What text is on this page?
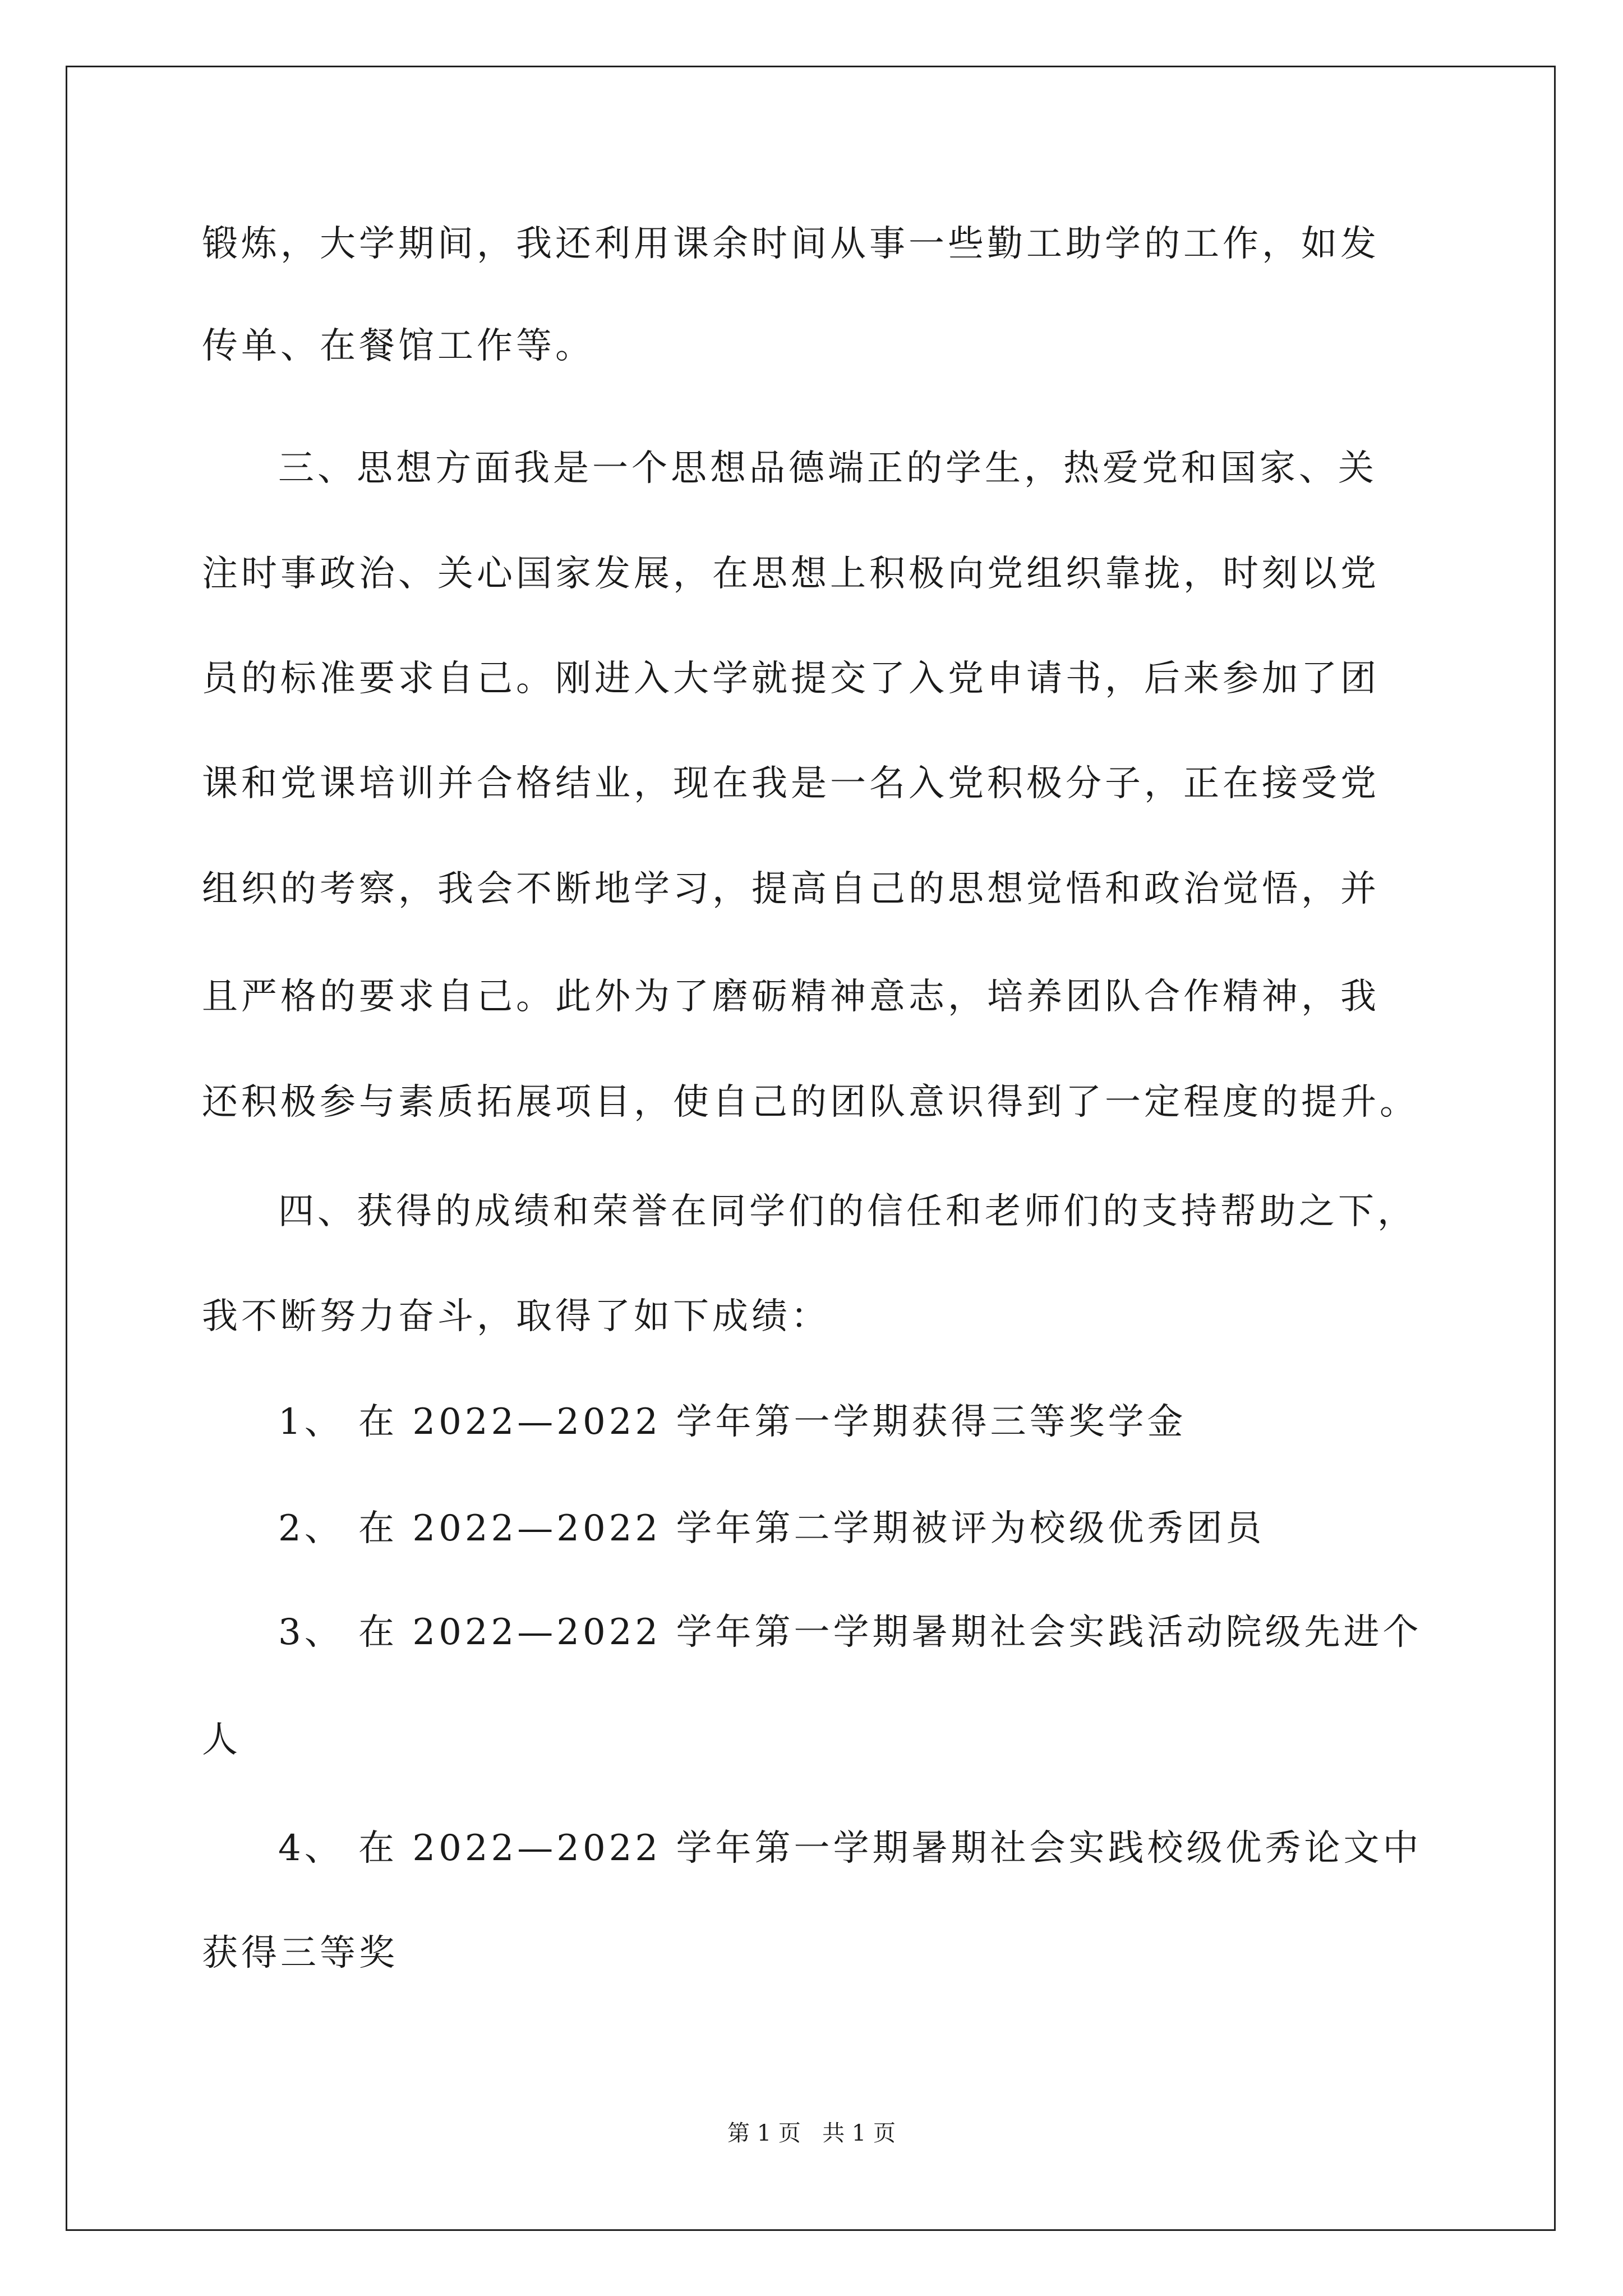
锻炼，大学期间，我还利用课余时间从事一些勤工助学的工作，如发
传单、在餐馆工作等。
三、思想方面我是一个思想品德端正的学生，热爱党和国家、关
注时事政治、关心国家发展，在思想上积极向党组织靠拢，时刻以党
员的标准要求自己。刚进入大学就提交了入党申请书，后来参加了团
课和党课培训并合格结业，现在我是一名入党积极分子，正在接受党
组织的考察，我会不断地学习，提高自己的思想觉悟和政治觉悟，并
且严格的要求自己。此外为了磨砺精神意志，培养团队合作精神，我
还积极参与素质拓展项目，使自己的团队意识得到了一定程度的提升。
四、获得的成绩和荣誉在同学们的信任和老师们的支持帮助之下，
我不断努力奋斗，取得了如下成绩：
1、 在 2022—2022 学年第一学期获得三等奖学金
2、 在 2022—2022 学年第二学期被评为校级优秀团员
3、 在 2022—2022 学年第一学期暑期社会实践活动院级先进个
人
4、 在 2022—2022 学年第一学期暑期社会实践校级优秀论文中
获得三等奖
第 1 页   共 1 页
